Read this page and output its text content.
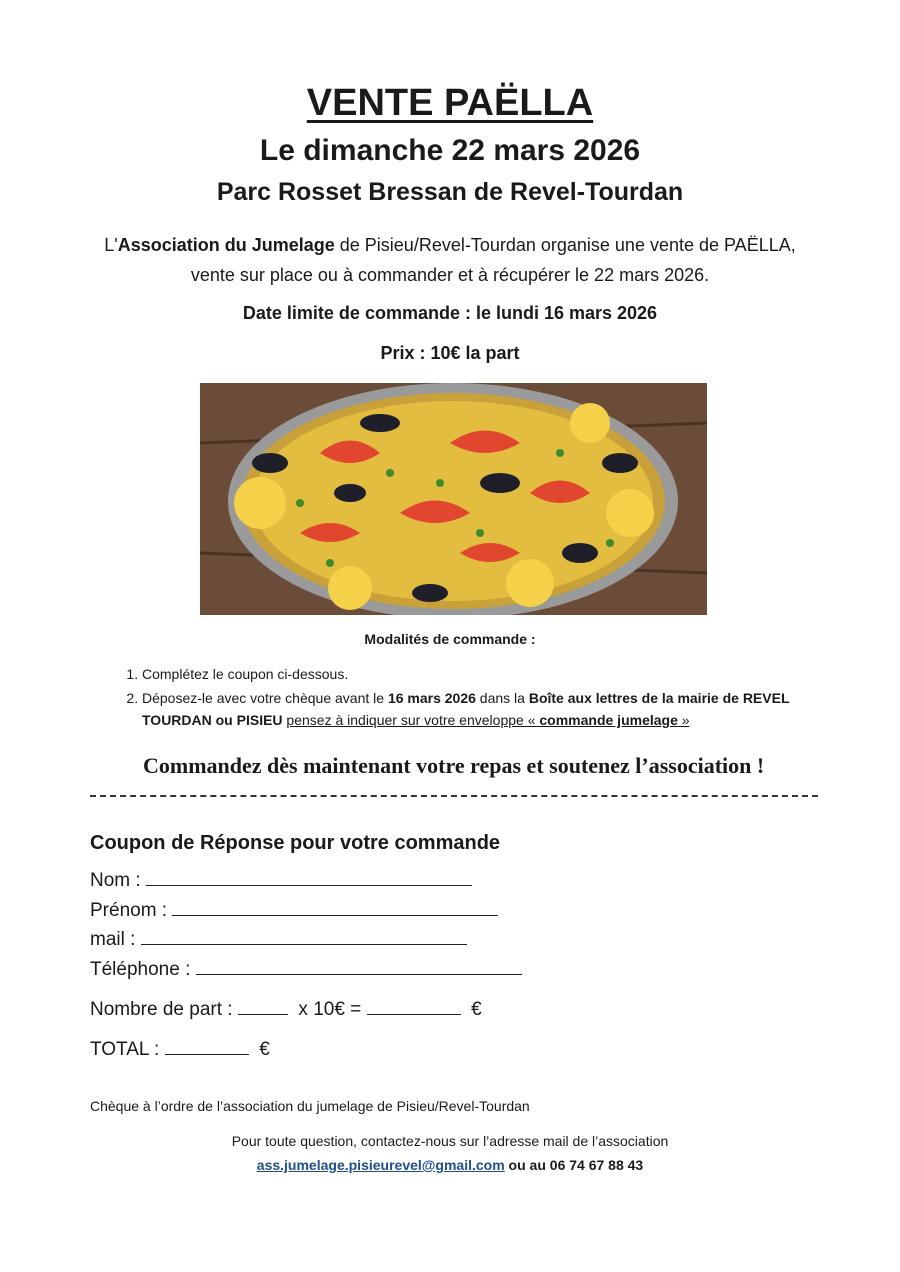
VENTE PAËLLA
Le dimanche 22 mars 2026
Parc Rosset Bressan de Revel-Tourdan
L'Association du Jumelage de Pisieu/Revel-Tourdan organise une vente de PAËLLA,
vente sur place ou à commander et à récupérer le 22 mars 2026.
Date limite de commande : le lundi 16 mars 2026
Prix : 10€ la part
Modalités de commande :
1. Complétez le coupon ci-dessous.
2. Déposez-le avec votre chèque avant le 16 mars 2026 dans la Boîte aux lettres de la mairie de REVEL TOURDAN ou PISIEU pensez à indiquer sur votre enveloppe « commande jumelage »
Commandez dès maintenant votre repas et soutenez l’association !
Coupon de Réponse pour votre commande
Nom :
Prénom :
mail :
Téléphone :
Nombre de part :	x 10€ =	€
TOTAL :	€
Chèque à l’ordre de l’association du jumelage de Pisieu/Revel-Tourdan
Pour toute question, contactez-nous sur l’adresse mail de l’association
ass.jumelage.pisieurevel@gmail.com ou au 06 74 67 88 43
